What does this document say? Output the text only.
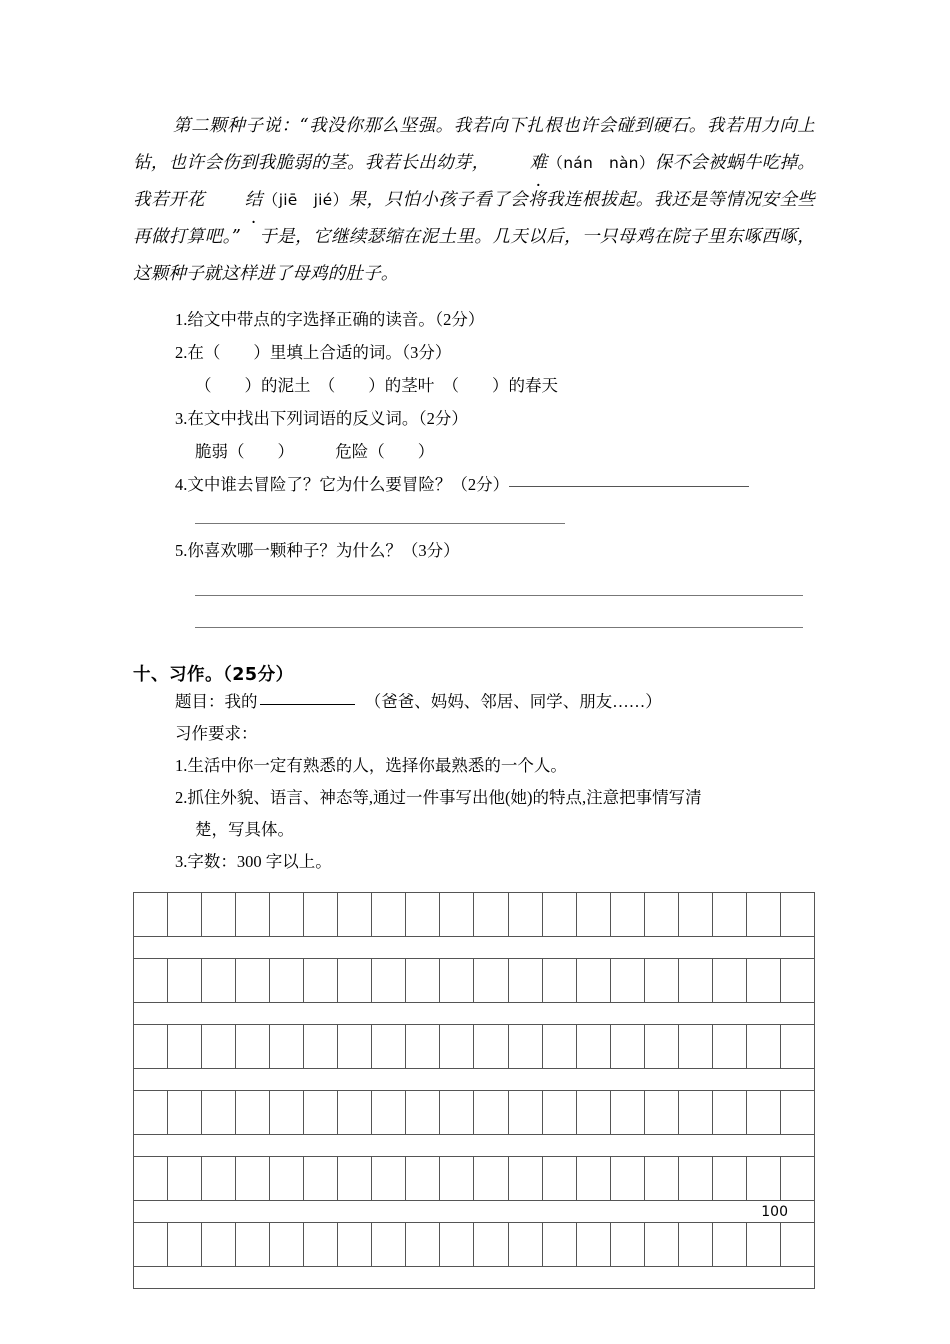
第二颗种子说：“我没你那么坚强。我若向下扎根也许会碰到硬石。我若用力向上钻，也许会伤到我脆弱的茎。我若长出幼芽， 难（nán　nàn）保不会被蜗牛吃掉。我若开花 结（jiē　jié）果，只怕小孩子看了会将我连根拔起。我还是等情况安全些再做打算吧。”　于是，它继续瑟缩在泥土里。几天以后，一只母鸡在院子里东啄西啄，这颗种子就这样进了母鸡的肚子。
1.给文中带点的字选择正确的读音。（2分）
2.在（　　）里填上合适的词。（3分）
（　　）的泥土　（　　）的茎叶　（　　）的春天
3.在文中找出下列词语的反义词。（2分）
脆弱（　　）　　　危险（　　）
4.文中谁去冒险了？它为什么要冒险？（2分）
5.你喜欢哪一颗种子？为什么？（3分）
十、习作。（25分）
题目：我的	（爸爸、妈妈、邻居、同学、朋友……）
习作要求：
1.生活中你一定有熟悉的人，选择你最熟悉的一个人。
2.抓住外貌、语言、神态等,通过一件事写出他(她)的特点,注意把事情写清
楚，写具体。
3.字数：300 字以上。
100
